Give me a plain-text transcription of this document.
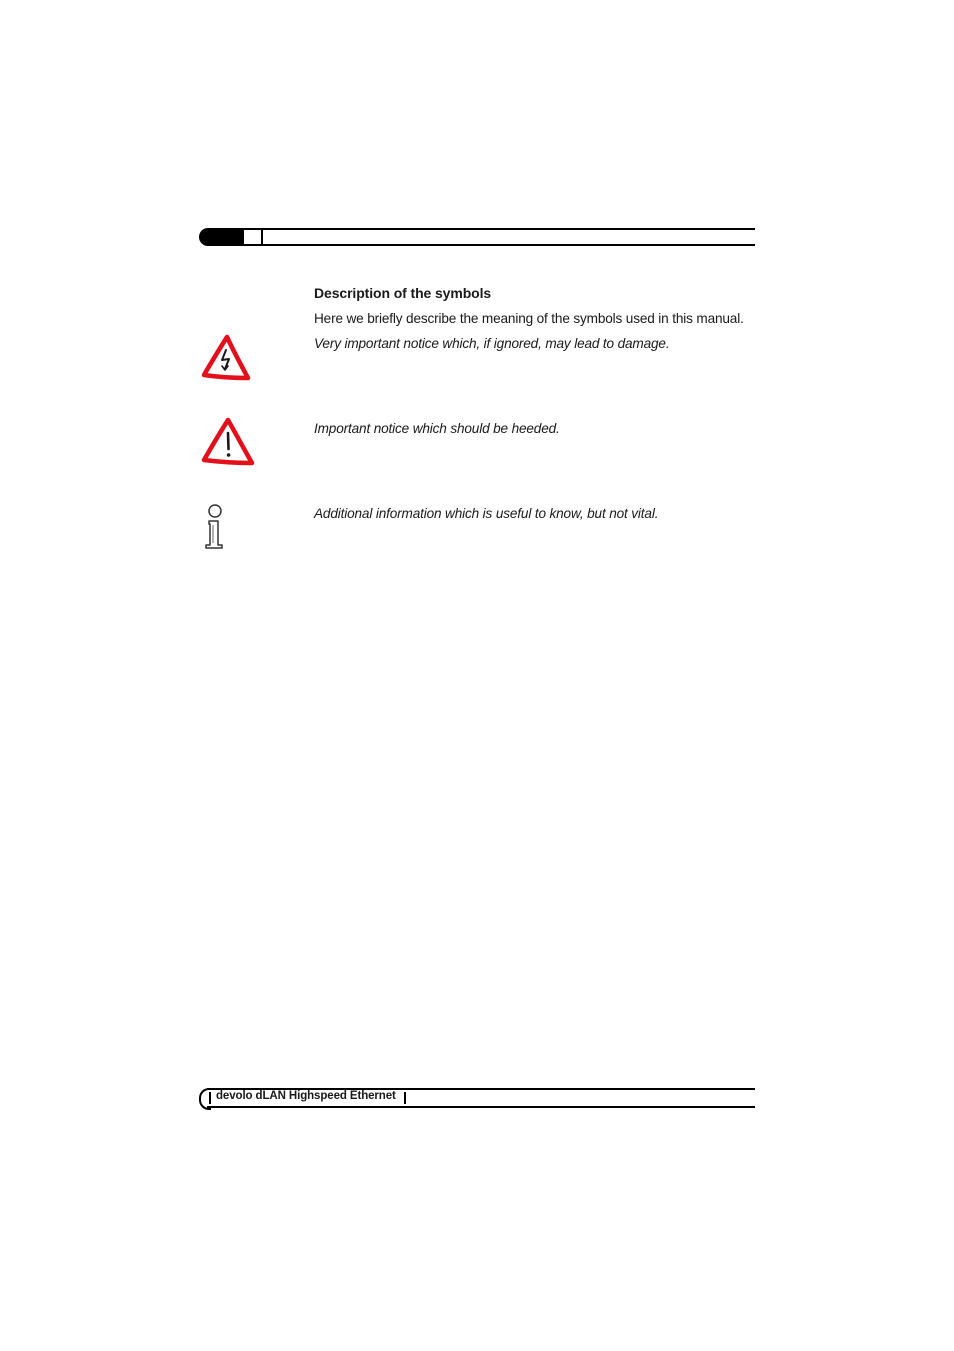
Description of the symbols
Here we briefly describe the meaning of the symbols used in this manual.
Very important notice which, if ignored, may lead to damage.
Important notice which should be heeded.
Additional information which is useful to know, but not vital.
devolo dLAN Highspeed Ethernet
